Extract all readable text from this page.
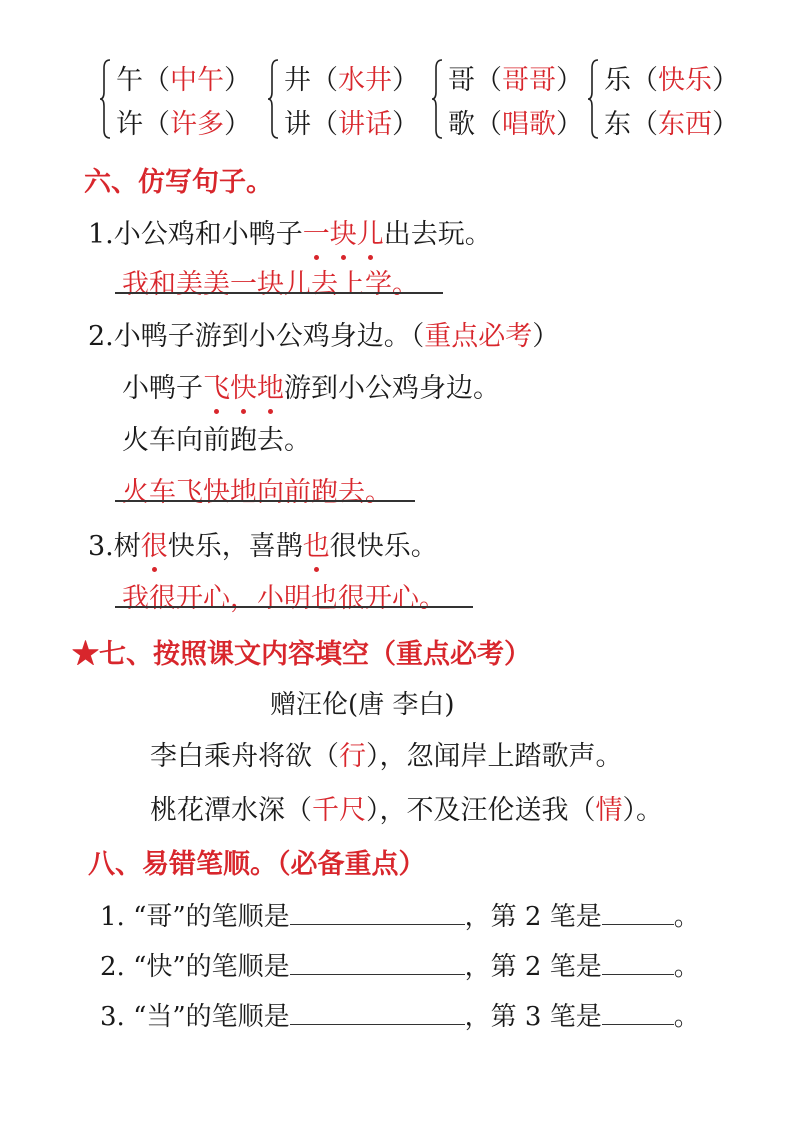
午（中午）
许（许多）
井（水井）
讲（讲话）
哥（哥哥）
歌（唱歌）
乐（快乐）
东（东西）
六、仿写句子。
1.小公鸡和小鸭子一块儿出去玩。
我和美美一块儿去上学。
2.小鸭子游到小公鸡身边。（重点必考）
小鸭子飞快地游到小公鸡身边。
火车向前跑去。
火车飞快地向前跑去。
3.树很快乐，喜鹊也很快乐。
我很开心，小明也很开心。
★七、按照课文内容填空（重点必考）
赠汪伦(唐 李白)
李白乘舟将欲（行），忽闻岸上踏歌声。
桃花潭水深（千尺），不及汪伦送我（情）。
八、易错笔顺。（必备重点）
1. “哥”的笔顺是	，第 2 笔是	。
2. “快”的笔顺是	，第 2 笔是	。
3. “当”的笔顺是	，第 3 笔是	。
